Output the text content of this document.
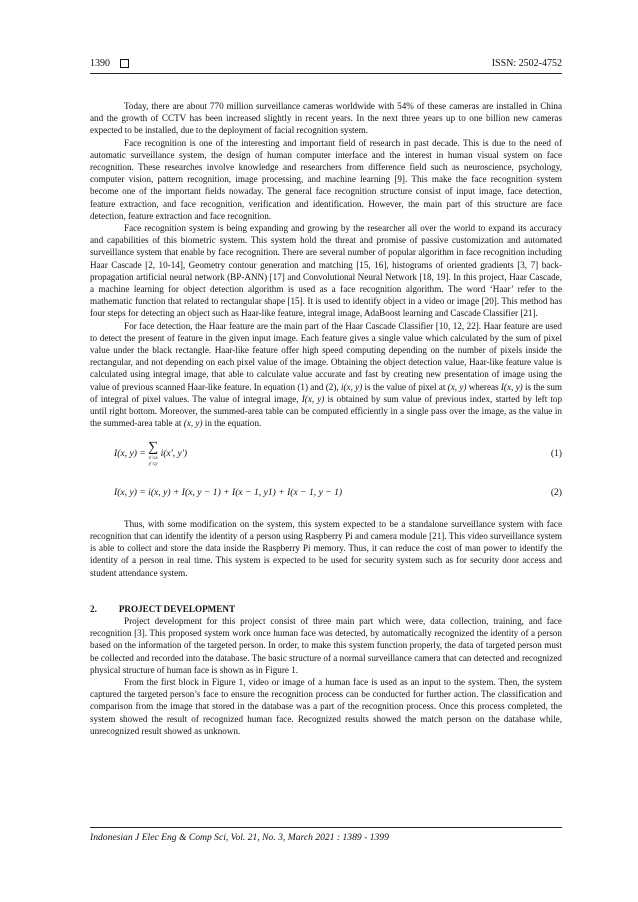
1390	ISSN: 2502-4752

Today, there are about 770 million surveillance cameras worldwide with 54% of these cameras are installed in China and the growth of CCTV has been increased slightly in recent years. In the next three years up to one billion new cameras expected to be installed, due to the deployment of facial recognition system.

Face recognition is one of the interesting and important field of research in past decade. This is due to the need of automatic surveillance system, the design of human computer interface and the interest in human visual system on face recognition. These researches involve knowledge and researchers from difference field such as neuroscience, psychology, computer vision, pattern recognition, image processing, and machine learning [9]. This make the face recognition system become one of the important fields nowaday. The general face recognition structure consist of input image, face detection, feature extraction, and face recognition, verification and identification. However, the main part of this structure are face detection, feature extraction and face recognition.

Face recognition system is being expanding and growing by the researcher all over the world to expand its accuracy and capabilities of this biometric system. This system hold the threat and promise of passive customization and automated surveillance system that enable by face recognition. There are several number of popular algorithm in face recognition including Haar Cascade [2, 10-14], Geometry contour generation and matching [15, 16], histograms of oriented gradients [3, 7] back-propagation artificial neural network (BP-ANN) [17] and Convolutional Neural Network [18, 19]. In this project, Haar Cascade, a machine learning for object detection algorithm is used as a face recognition algorithm. The word ‘Haar’ refer to the mathematic function that related to rectangular shape [15]. It is used to identify object in a video or image [20]. This method has four steps for detecting an object such as Haar-like feature, integral image, AdaBoost learning and Cascade Classifier [21].

For face detection, the Haar feature are the main part of the Haar Cascade Classifier [10, 12, 22]. Haar feature are used to detect the present of feature in the given input image. Each feature gives a single value which calculated by the sum of pixel value under the black rectangle. Haar-like feature offer high speed computing depending on the number of pixels inside the rectangular, and not depending on each pixel value of the image. Obtaining the object detection value, Haar-like feature value is calculated using integral image, that able to calculate value accurate and fast by creating new presentation of image using the value of previous scanned Haar-like feature. In equation (1) and (2), i(x, y) is the value of pixel at (x, y) whereas I(x, y) is the sum of integral of pixel values. The value of integral image, I(x, y) is obtained by sum value of previous index, started by left top until right bottom. Moreover, the summed-area table can be computed efficiently in a single pass over the image, as the value in the summed-area table at (x, y) in the equation.

I(x, y) = ∑
x'≤x
y'≤y
i(x', y')	(1)
I(x, y) = i(x, y) + I(x, y − 1) + I(x − 1, y1) + I(x − 1, y − 1)	(2)

Thus, with some modification on the system, this system expected to be a standalone surveillance system with face recognition that can identify the identity of a person using Raspberry Pi and camera module [21]. This video surveillance system is able to collect and store the data inside the Raspberry Pi memory. Thus, it can reduce the cost of man power to identify the identity of a person in real time. This system is expected to be used for security system such as for security door access and student attendance system.

2. PROJECT DEVELOPMENT

Project development for this project consist of three main part which were, data collection, training, and face recognition [3]. This proposed system work once human face was detected, by automatically recognized the identity of a person based on the information of the targeted person. In order, to make this system function properly, the data of targeted person must be collected and recorded into the database. The basic structure of a normal surveillance camera that can detected and recognized physical structure of human face is shown as in Figure 1.

From the first block in Figure 1, video or image of a human face is used as an input to the system. Then, the system captured the targeted person’s face to ensure the recognition process can be conducted for further action. The classification and comparison from the image that stored in the database was a part of the recognition process. Once this process completed, the system showed the result of recognized human face. Recognized results showed the match person on the database while, unrecognized result showed as unknown.

Indonesian J Elec Eng & Comp Sci, Vol. 21, No. 3, March 2021 : 1389 - 1399
